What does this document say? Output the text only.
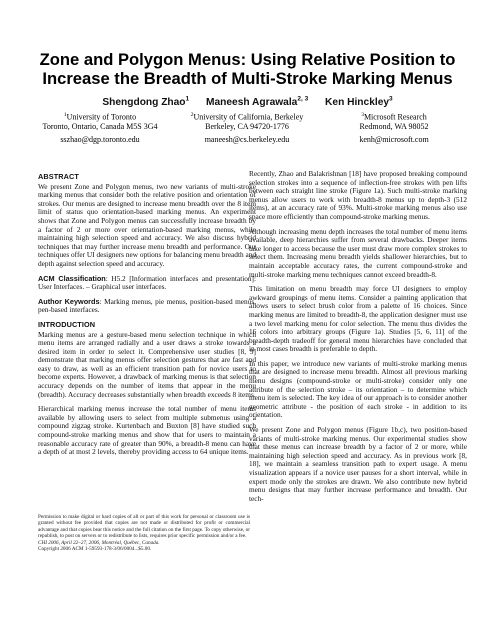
Zone and Polygon Menus: Using Relative Position to
Increase the Breadth of Multi-Stroke Marking Menus
Shengdong Zhao$^1$ Maneesh Agrawala$^{2, 3}$ Ken Hinckley$^3$
$^1$University of Toronto
Toronto, Ontario, Canada M5S 3G4
sszhao@dgp.toronto.edu
$^2$University of California, Berkeley
Berkeley, CA 94720-1776
maneesh@cs.berkeley.edu
$^3$Microsoft Research
Redmond, WA 98052
kenh@microsoft.com
ABSTRACT

We present Zone and Polygon menus, two new variants of multi-stroke marking menus that consider both the relative position and orientation of strokes. Our menus are designed to increase menu breadth over the 8 item limit of status quo orientation-based marking menus. An experiment shows that Zone and Polygon menus can successfully increase breadth by a factor of 2 or more over orientation-based marking menus, while maintaining high selection speed and accuracy. We also discuss hybrid techniques that may further increase menu breadth and performance. Our techniques offer UI designers new options for balancing menu breadth and depth against selection speed and accuracy.

ACM Classification: H5.2 [Information interfaces and presentation]: User Interfaces. – Graphical user interfaces.

Author Keywords: Marking menus, pie menus, position-based menus, pen-based interfaces.

INTRODUCTION

Marking menus are a gesture-based menu selection technique in which menu items are arranged radially and a user draws a stroke towards a desired item in order to select it. Comprehensive user studies [8, 9] demonstrate that marking menus offer selection gestures that are fast and easy to draw, as well as an efficient transition path for novice users to become experts. However, a drawback of marking menus is that selection accuracy depends on the number of items that appear in the menu (breadth). Accuracy decreases substantially when breadth exceeds 8 items.

Hierarchical marking menus increase the total number of menu items available by allowing users to select from multiple submenus using a compound zigzag stroke. Kurtenbach and Buxton [8] have studied such compound-stroke marking menus and show that for users to maintain a reasonable accuracy rate of greater than 90%, a breadth-8 menu can have a depth of at most 2 levels, thereby providing access to 64 unique items.

Permission to make digital or hard copies of all or part of this work for personal or classroom use is granted without fee provided that copies are not made or distributed for profit or commercial advantage and that copies bear this notice and the full citation on the first page. To copy otherwise, or republish, to post on servers or to redistribute to lists, requires prior specific permission and/or a fee.

CHI 2006, April 22–27, 2006, Montréal, Québec, Canada.

Copyright 2006 ACM 1-59593-178-3/06/0004...$5.00.

Recently, Zhao and Balakrishnan [18] have proposed breaking compound selection strokes into a sequence of inflection-free strokes with pen lifts between each straight line stroke (Figure 1a). Such multi-stroke marking menus allow users to work with breadth-8 menus up to depth-3 (512 items), at an accuracy rate of 93%. Multi-stroke marking menus also use space more efficiently than compound-stroke marking menus.

Although increasing menu depth increases the total number of menu items available, deep hierarchies suffer from several drawbacks. Deeper items take longer to access because the user must draw more complex strokes to select them. Increasing menu breadth yields shallower hierarchies, but to maintain acceptable accuracy rates, the current compound-stroke and multi-stroke marking menu techniques cannot exceed breadth-8.

This limitation on menu breadth may force UI designers to employ awkward groupings of menu items. Consider a painting application that allows users to select brush color from a palette of 16 choices. Since marking menus are limited to breadth-8, the application designer must use a two level marking menu for color selection. The menu thus divides the 16 colors into arbitrary groups (Figure 1a). Studies [5, 6, 11] of the breadth-depth tradeoff for general menu hierarchies have concluded that in most cases breadth is preferable to depth.

In this paper, we introduce new variants of multi-stroke marking menus that are designed to increase menu breadth. Almost all previous marking menu designs (compound-stroke or multi-stroke) consider only one attribute of the selection stroke – its orientation – to determine which menu item is selected. The key idea of our approach is to consider another geometric attribute - the position of each stroke - in addition to its orientation.

We present Zone and Polygon menus (Figure 1b,c), two position-based variants of multi-stroke marking menus. Our experimental studies show that these menus can increase breadth by a factor of 2 or more, while maintaining high selection speed and accuracy. As in previous work [8, 18], we maintain a seamless transition path to expert usage. A menu visualization appears if a novice user pauses for a short interval, while in expert mode only the strokes are drawn. We also contribute new hybrid menu designs that may further increase performance and breadth. Our tech-
